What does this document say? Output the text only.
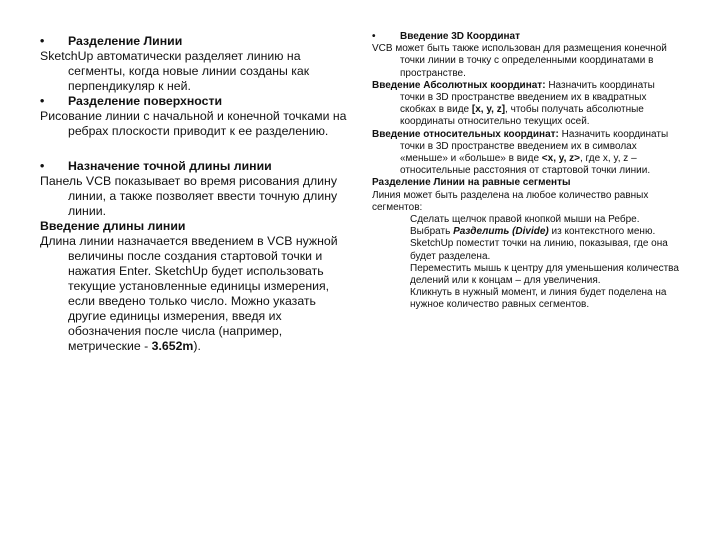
• Разделение Линии

SketchUp автоматически разделяет линию на сегменты, когда новые линии созданы как перпендикуляр к ней.

• Разделение поверхности

Рисование линии с начальной и конечной точками на ребрах плоскости приводит к ее разделению.

• Назначение точной длины линии

Панель VCB показывает во время рисования длину линии, а также позволяет ввести точную длину линии.

Введение длины линии

Длина линии назначается введением в VCB нужной величины после создания стартовой точки и нажатия Enter. SketchUp будет использовать текущие установленные единицы измерения, если введено только число. Можно указать другие единицы измерения, введя их обозначения после числа (например, метрические - 3.652m).

• Введение 3D Координат

VCB может быть также использован для размещения конечной точки линии в точку с определенными координатами в пространстве.

Введение Абсолютных координат: Назначить координаты точки в 3D пространстве введением их в квадратных скобках в виде [x, y, z], чтобы получать абсолютные координаты относительно текущих осей.

Введение относительных координат: Назначить координаты точки в 3D пространстве введением их в символах «меньше» и «больше» в виде <x, y, z>, где x, y, z – относительные расстояния от стартовой точки линии.

Разделение Линии на равные сегменты

Линия может быть разделена на любое количество равных сегментов:

Сделать щелчок правой кнопкой мыши на Ребре.

Выбрать Разделить (Divide) из контекстного меню.

SketchUp поместит точки на линию, показывая, где она будет разделена.

Переместить мышь к центру для уменьшения количества делений или к концам – для увеличения.

Кликнуть в нужный момент, и линия будет поделена на нужное количество равных сегментов.
